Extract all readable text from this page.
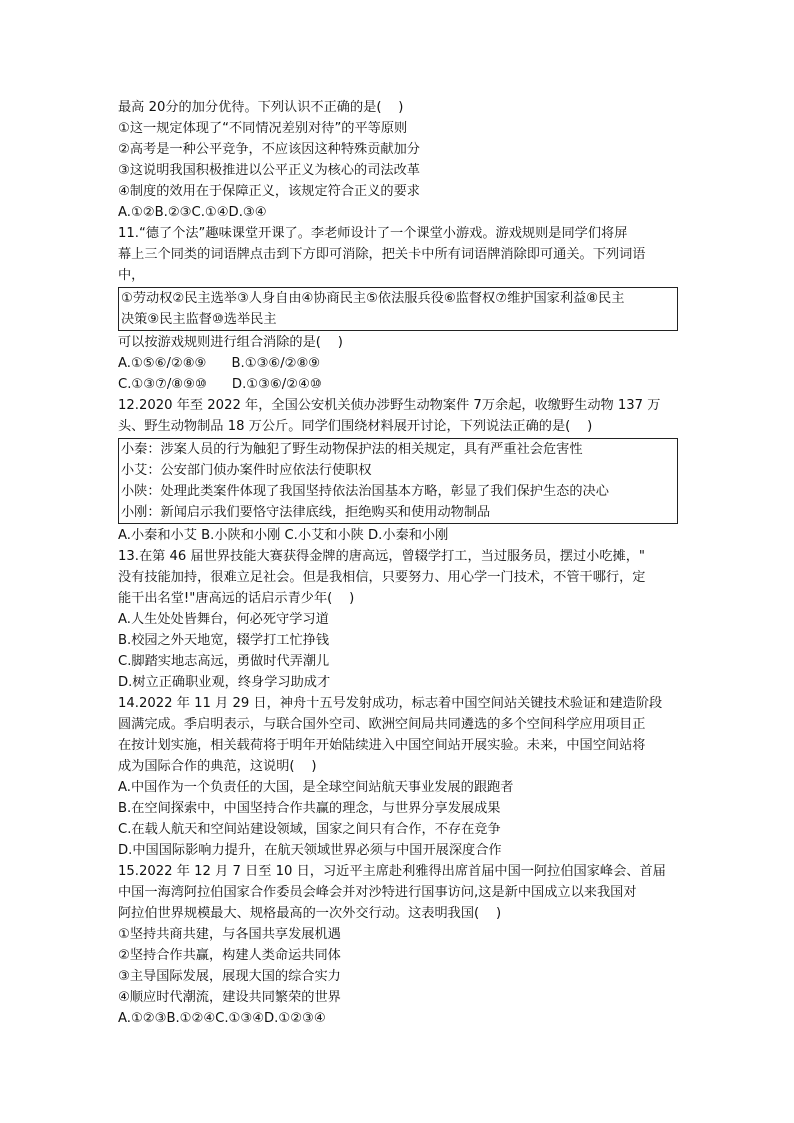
最高 20分的加分优待。下列认识不正确的是(    )
①这一规定体现了“不同情况差别对待”的平等原则
②高考是一种公平竞争，不应该因这种特殊贡献加分
③这说明我国积极推进以公平正义为核心的司法改革
④制度的效用在于保障正义，该规定符合正义的要求
A.①②B.②③C.①④D.③④
11.“德了个法”趣味课堂开课了。李老师设计了一个课堂小游戏。游戏规则是同学们将屏
幕上三个同类的词语牌点击到下方即可消除，把关卡中所有词语牌消除即可通关。下列词语
中，
①劳动权②民主选举③人身自由④协商民主⑤依法服兵役⑥监督权⑦维护国家利益⑧民主
决策⑨民主监督⑩选举民主
可以按游戏规则进行组合消除的是(    )
A.①⑤⑥/②⑧⑨      B.①③⑥/②⑧⑨
C.①③⑦/⑧⑨⑩      D.①③⑥/②④⑩
12.2020 年至 2022 年，全国公安机关侦办涉野生动物案件 7万余起，收缴野生动物 137 万
头、野生动物制品 18 万公斤。同学们围绕材料展开讨论，下列说法正确的是(    )
小秦：涉案人员的行为触犯了野生动物保护法的相关规定，具有严重社会危害性
小艾：公安部门侦办案件时应依法行使职权
小陕：处理此类案件体现了我国坚持依法治国基本方略，彰显了我们保护生态的决心
小刚：新闻启示我们要恪守法律底线，拒绝购买和使用动物制品
A.小秦和小艾 B.小陕和小刚 C.小艾和小陕 D.小秦和小刚
13.在第 46 届世界技能大赛获得金牌的唐高远，曾辍学打工，当过服务员，摆过小吃摊，"
没有技能加持，很难立足社会。但是我相信，只要努力、用心学一门技术，不管干哪行，定
能干出名堂!"唐高远的话启示青少年(    )
A.人生处处皆舞台，何必死守学习道
B.校园之外天地宽，辍学打工忙挣钱
C.脚踏实地志高远，勇做时代弄潮儿
D.树立正确职业观，终身学习助成才
14.2022 年 11 月 29 日，神舟十五号发射成功，标志着中国空间站关键技术验证和建造阶段
圆满完成。季启明表示，与联合国外空司、欧洲空间局共同遴选的多个空间科学应用项目正
在按计划实施，相关载荷将于明年开始陆续进入中国空间站开展实验。未来，中国空间站将
成为国际合作的典范，这说明(    )
A.中国作为一个负责任的大国，是全球空间站航天事业发展的跟跑者
B.在空间探索中，中国坚持合作共赢的理念，与世界分享发展成果
C.在载人航天和空间站建设领域，国家之间只有合作，不存在竞争
D.中国国际影响力提升，在航天领域世界必须与中国开展深度合作
15.2022 年 12 月 7 日至 10 日，习近平主席赴利雅得出席首届中国一阿拉伯国家峰会、首届
中国一海湾阿拉伯国家合作委员会峰会并对沙特进行国事访问,这是新中国成立以来我国对
阿拉伯世界规模最大、规格最高的一次外交行动。这表明我国(    )
①坚持共商共建，与各国共享发展机遇
②坚持合作共赢，构建人类命运共同体
③主导国际发展，展现大国的综合实力
④顺应时代潮流，建设共同繁荣的世界
A.①②③B.①②④C.①③④D.①②③④
